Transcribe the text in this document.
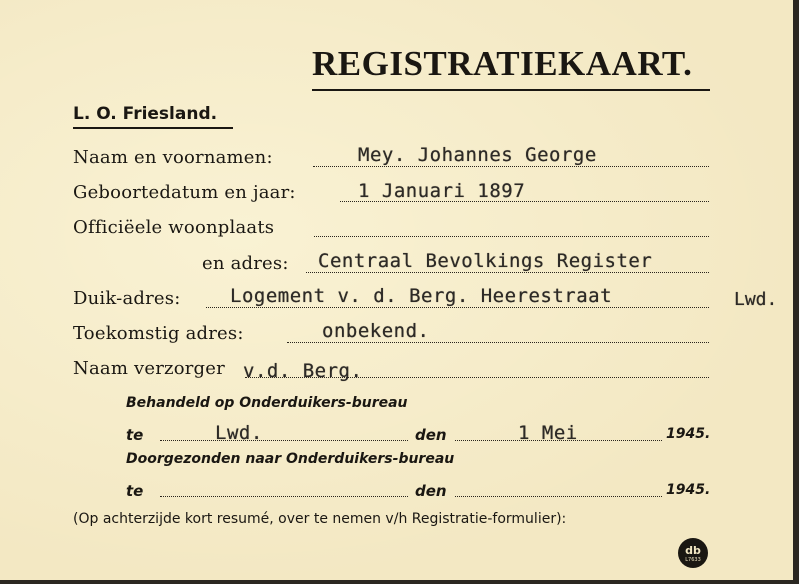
REGISTRATIEKAART.
L. O. Friesland.
Naam en voornamen:	Mey. Johannes George
Geboortedatum en jaar:	1 Januari 1897
Officiëele woonplaats
en adres: Centraal Bevolkings Register
Duik-adres:	Logement v. d. Berg. Heerestraat	Lwd.
Toekomstig adres:	onbekend.
Naam verzorger v.d. Berg.
Behandeld op Onderduikers-bureau
te	Lwd.	den	1 Mei	1945.
Doorgezonden naar Onderduikers-bureau
te	den	1945.
(Op achterzijde kort resumé, over te nemen v/h Registratie-formulier):
db
L7633
